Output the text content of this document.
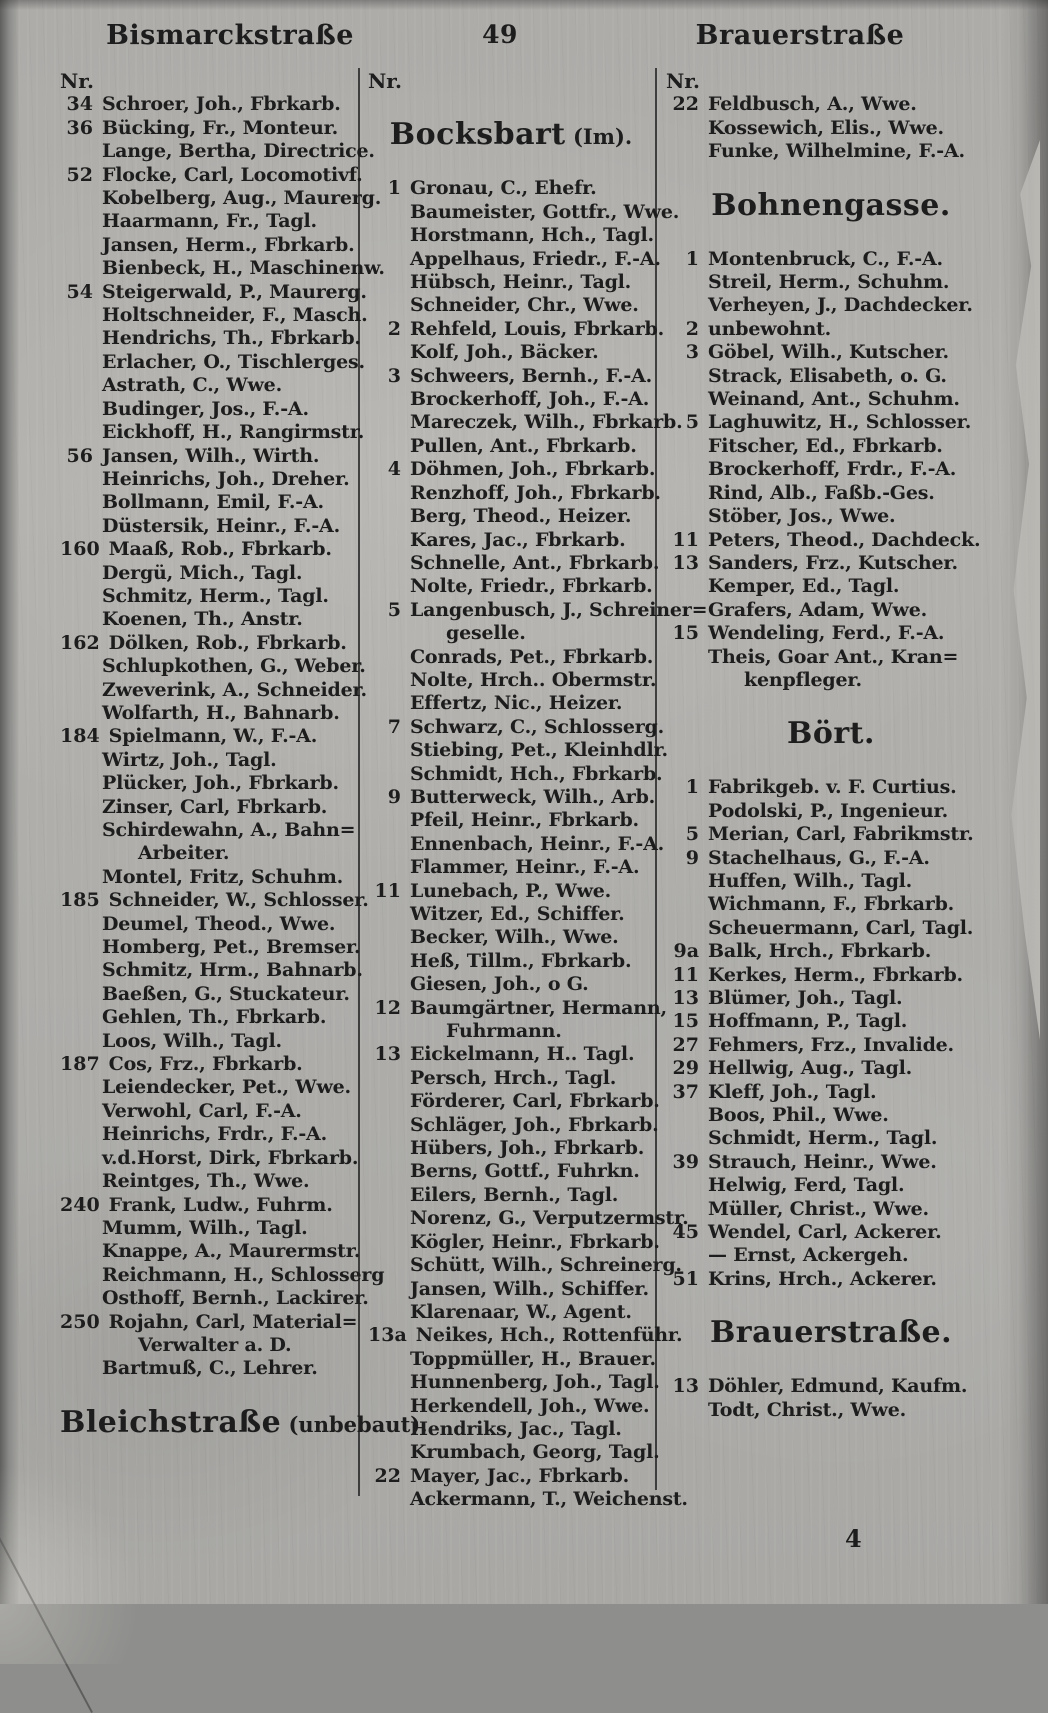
Bismarckstraße	49	Brauerstraße
Nr.
34 Schroer, Joh., Fbrkarb.
36 Bücking, Fr., Monteur.
Lange, Bertha, Directrice.
52 Flocke, Carl, Locomotivf.
Kobelberg, Aug., Maurerg.
Haarmann, Fr., Tagl.
Jansen, Herm., Fbrkarb.
Bienbeck, H., Maschinenw.
54 Steigerwald, P., Maurerg.
Holtschneider, F., Masch.
Hendrichs, Th., Fbrkarb.
Erlacher, O., Tischlerges.
Astrath, C., Wwe.
Budinger, Jos., F.-A.
Eickhoff, H., Rangirmstr.
56 Jansen, Wilh., Wirth.
Heinrichs, Joh., Dreher.
Bollmann, Emil, F.-A.
Düstersik, Heinr., F.-A.
160 Maaß, Rob., Fbrkarb.
Dergü, Mich., Tagl.
Schmitz, Herm., Tagl.
Koenen, Th., Anstr.
162 Dölken, Rob., Fbrkarb.
Schlupkothen, G., Weber.
Zweverink, A., Schneider.
Wolfarth, H., Bahnarb.
184 Spielmann, W., F.-A.
Wirtz, Joh., Tagl.
Plücker, Joh., Fbrkarb.
Zinser, Carl, Fbrkarb.
Schirdewahn, A., Bahn=
Arbeiter.
Montel, Fritz, Schuhm.
185 Schneider, W., Schlosser.
Deumel, Theod., Wwe.
Homberg, Pet., Bremser.
Schmitz, Hrm., Bahnarb.
Baeßen, G., Stuckateur.
Gehlen, Th., Fbrkarb.
Loos, Wilh., Tagl.
187 Cos, Frz., Fbrkarb.
Leiendecker, Pet., Wwe.
Verwohl, Carl, F.-A.
Heinrichs, Frdr., F.-A.
v.d.Horst, Dirk, Fbrkarb.
Reintges, Th., Wwe.
240 Frank, Ludw., Fuhrm.
Mumm, Wilh., Tagl.
Knappe, A., Maurermstr.
Reichmann, H., Schlosserg
Osthoff, Bernh., Lackirer.
250 Rojahn, Carl, Material=
Verwalter a. D.
Bartmuß, C., Lehrer.
Bleichstraße (unbebaut).
Nr.
Bocksbart (Im).
1 Gronau, C., Ehefr.
Baumeister, Gottfr., Wwe.
Horstmann, Hch., Tagl.
Appelhaus, Friedr., F.-A.
Hübsch, Heinr., Tagl.
Schneider, Chr., Wwe.
2 Rehfeld, Louis, Fbrkarb.
Kolf, Joh., Bäcker.
3 Schweers, Bernh., F.-A.
Brockerhoff, Joh., F.-A.
Mareczek, Wilh., Fbrkarb.
Pullen, Ant., Fbrkarb.
4 Döhmen, Joh., Fbrkarb.
Renzhoff, Joh., Fbrkarb.
Berg, Theod., Heizer.
Kares, Jac., Fbrkarb.
Schnelle, Ant., Fbrkarb.
Nolte, Friedr., Fbrkarb.
5 Langenbusch, J., Schreiner=
geselle.
Conrads, Pet., Fbrkarb.
Nolte, Hrch.. Obermstr.
Effertz, Nic., Heizer.
7 Schwarz, C., Schlosserg.
Stiebing, Pet., Kleinhdlr.
Schmidt, Hch., Fbrkarb.
9 Butterweck, Wilh., Arb.
Pfeil, Heinr., Fbrkarb.
Ennenbach, Heinr., F.-A.
Flammer, Heinr., F.-A.
11 Lunebach, P., Wwe.
Witzer, Ed., Schiffer.
Becker, Wilh., Wwe.
Heß, Tillm., Fbrkarb.
Giesen, Joh., o G.
12 Baumgärtner, Hermann,
Fuhrmann.
13 Eickelmann, H.. Tagl.
Persch, Hrch., Tagl.
Förderer, Carl, Fbrkarb.
Schläger, Joh., Fbrkarb.
Hübers, Joh., Fbrkarb.
Berns, Gottf., Fuhrkn.
Eilers, Bernh., Tagl.
Norenz, G., Verputzermstr.
Kögler, Heinr., Fbrkarb.
Schütt, Wilh., Schreinerg.
Jansen, Wilh., Schiffer.
Klarenaar, W., Agent.
13a Neikes, Hch., Rottenführ.
Toppmüller, H., Brauer.
Hunnenberg, Joh., Tagl.
Herkendell, Joh., Wwe.
Hendriks, Jac., Tagl.
Krumbach, Georg, Tagl.
22 Mayer, Jac., Fbrkarb.
Ackermann, T., Weichenst.
Nr.
22 Feldbusch, A., Wwe.
Kossewich, Elis., Wwe.
Funke, Wilhelmine, F.-A.
Bohnengasse.
1 Montenbruck, C., F.-A.
Streil, Herm., Schuhm.
Verheyen, J., Dachdecker.
2 unbewohnt.
3 Göbel, Wilh., Kutscher.
Strack, Elisabeth, o. G.
Weinand, Ant., Schuhm.
5 Laghuwitz, H., Schlosser.
Fitscher, Ed., Fbrkarb.
Brockerhoff, Frdr., F.-A.
Rind, Alb., Faßb.-Ges.
Stöber, Jos., Wwe.
11 Peters, Theod., Dachdeck.
13 Sanders, Frz., Kutscher.
Kemper, Ed., Tagl.
Grafers, Adam, Wwe.
15 Wendeling, Ferd., F.-A.
Theis, Goar Ant., Kran=
kenpfleger.
Bört.
1 Fabrikgeb. v. F. Curtius.
Podolski, P., Ingenieur.
5 Merian, Carl, Fabrikmstr.
9 Stachelhaus, G., F.-A.
Huffen, Wilh., Tagl.
Wichmann, F., Fbrkarb.
Scheuermann, Carl, Tagl.
9a Balk, Hrch., Fbrkarb.
11 Kerkes, Herm., Fbrkarb.
13 Blümer, Joh., Tagl.
15 Hoffmann, P., Tagl.
27 Fehmers, Frz., Invalide.
29 Hellwig, Aug., Tagl.
37 Kleff, Joh., Tagl.
Boos, Phil., Wwe.
Schmidt, Herm., Tagl.
39 Strauch, Heinr., Wwe.
Helwig, Ferd, Tagl.
Müller, Christ., Wwe.
45 Wendel, Carl, Ackerer.
— Ernst, Ackergeh.
51 Krins, Hrch., Ackerer.
Brauerstraße.
13 Döhler, Edmund, Kaufm.
Todt, Christ., Wwe.
4
